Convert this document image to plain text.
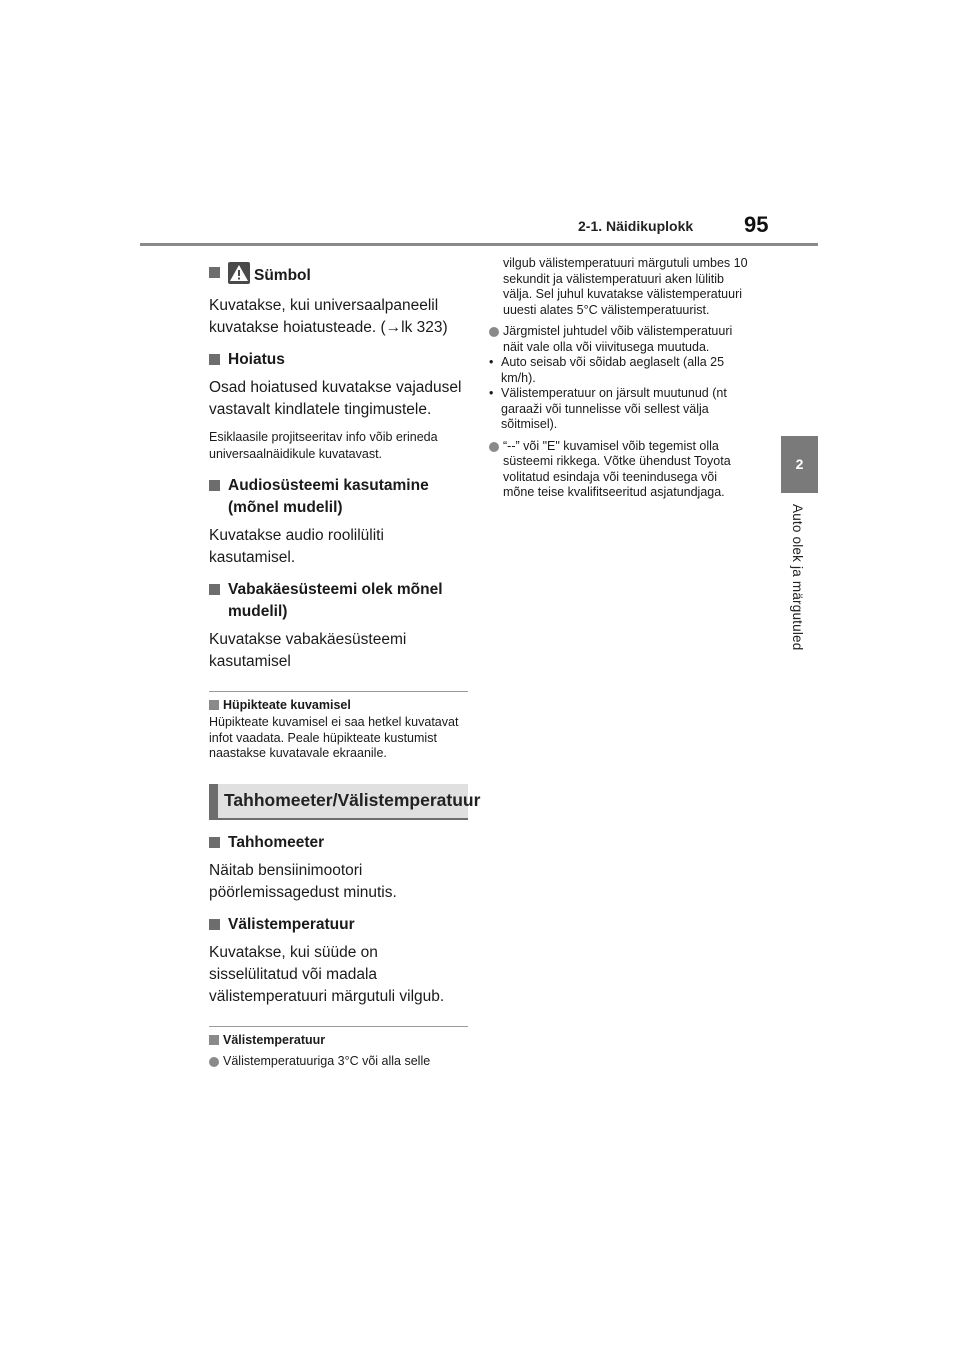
2-1. Näidikuplokk 95
2
Auto olek ja märgutuled
Sümbol

Kuvatakse, kui universaalpaneelil kuvatakse hoiatusteade. (→lk 323)

Hoiatus

Osad hoiatused kuvatakse vajadusel vastavalt kindlatele tingimustele.

Esiklaasile projitseeritav info võib erineda universaalnäidikule kuvatavast.

Audiosüsteemi kasutamine (mõnel mudelil)

Kuvatakse audio roolilüliti kasutamisel.

Vabakäesüsteemi olek mõnel mudelil)

Kuvatakse vabakäesüsteemi kasutamisel

Hüpikteate kuvamisel

Hüpikteate kuvamisel ei saa hetkel kuvatavat infot vaadata. Peale hüpikteate kustumist naastakse kuvatavale ekraanile.

Tahhomeeter/Välistemperatuur
Tahhomeeter

Näitab bensiinimootori pöörlemissagedust minutis.

Välistemperatuur

Kuvatakse, kui süüde on sisselülitatud või madala välistemperatuuri märgutuli vilgub.

Välistemperatuur
Välistemperatuuriga 3°C või alla selle

vilgub välistemperatuuri märgutuli umbes 10 sekundit ja välistemperatuuri aken lülitib välja. Sel juhul kuvatakse välistemperatuuri uuesti alates 5°C välistemperatuurist.

Järgmistel juhtudel võib välistemperatuuri näit vale olla või viivitusega muutuda.
• Auto seisab või sõidab aeglaselt (alla 25 km/h).
• Välistemperatuur on järsult muutunud (nt garaaži või tunnelisse või sellest välja sõitmisel).
“--” või "E" kuvamisel võib tegemist olla süsteemi rikkega. Võtke ühendust Toyota volitatud esindaja või teenindusega või mõne teise kvalifitseeritud asjatundjaga.
